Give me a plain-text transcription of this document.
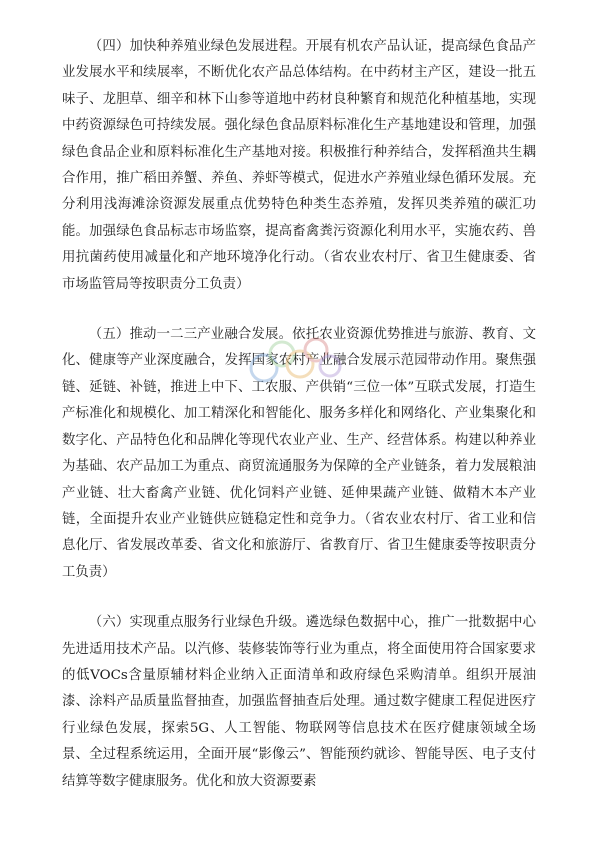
（四）加快种养殖业绿色发展进程。开展有机农产品认证，提高绿色食品产业发展水平和续展率，不断优化农产品总体结构。在中药材主产区，建设一批五味子、龙胆草、细辛和林下山参等道地中药材良种繁育和规范化种植基地，实现中药资源绿色可持续发展。强化绿色食品原料标准化生产基地建设和管理，加强绿色食品企业和原料标准化生产基地对接。积极推行种养结合，发挥稻渔共生耦合作用，推广稻田养蟹、养鱼、养虾等模式，促进水产养殖业绿色循环发展。充分利用浅海滩涂资源发展重点优势特色种类生态养殖，发挥贝类养殖的碳汇功能。加强绿色食品标志市场监察，提高畜禽粪污资源化利用水平，实施农药、兽用抗菌药使用减量化和产地环境净化行动。（省农业农村厅、省卫生健康委、省市场监管局等按职责分工负责）

（五）推动一二三产业融合发展。依托农业资源优势推进与旅游、教育、文化、健康等产业深度融合，发挥国家农村产业融合发展示范园带动作用。聚焦强链、延链、补链，推进上中下、工农服、产供销“三位一体”互联式发展，打造生产标准化和规模化、加工精深化和智能化、服务多样化和网络化、产业集聚化和数字化、产品特色化和品牌化等现代农业产业、生产、经营体系。构建以种养业为基础、农产品加工为重点、商贸流通服务为保障的全产业链条，着力发展粮油产业链、壮大畜禽产业链、优化饲料产业链、延伸果蔬产业链、做精木本产业链，全面提升农业产业链供应链稳定性和竞争力。（省农业农村厅、省工业和信息化厅、省发展改革委、省文化和旅游厅、省教育厅、省卫生健康委等按职责分工负责）

（六）实现重点服务行业绿色升级。遴选绿色数据中心，推广一批数据中心先进适用技术产品。以汽修、装修装饰等行业为重点，将全面使用符合国家要求的低VOCs含量原辅材料企业纳入正面清单和政府绿色采购清单。组织开展油漆、涂料产品质量监督抽查，加强监督抽查后处理。通过数字健康工程促进医疗行业绿色发展，探索5G、人工智能、物联网等信息技术在医疗健康领域全场景、全过程系统运用，全面开展“影像云”、智能预约就诊、智能导医、电子支付结算等数字健康服务。优化和放大资源要素
